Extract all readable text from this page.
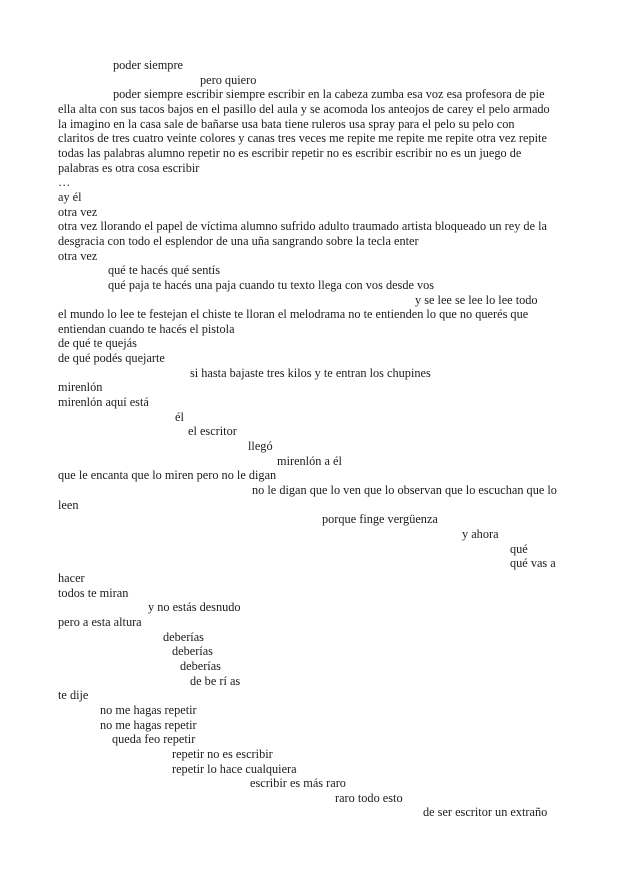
poder siempre
pero quiero
poder siempre escribir siempre escribir en la cabeza zumba esa voz esa profesora de pie
ella alta con sus tacos bajos en el pasillo del aula y se acomoda los anteojos de carey el pelo armado
la imagino en la casa sale de bañarse usa bata tiene ruleros usa spray para el pelo su pelo con
claritos de tres cuatro veinte colores y canas tres veces me repite me repite me repite otra vez repite
todas las palabras alumno repetir no es escribir repetir no es escribir escribir no es un juego de
palabras es otra cosa escribir
…
ay él
otra vez
otra vez llorando el papel de víctima alumno sufrido adulto traumado artista bloqueado un rey de la
desgracia con todo el esplendor de una uña sangrando sobre la tecla enter
otra vez
qué te hacés qué sentís
qué paja te hacés una paja cuando tu texto llega con vos desde vos
y se lee se lee lo lee todo
el mundo lo lee te festejan el chiste te lloran el melodrama no te entienden lo que no querés que
entiendan cuando te hacés el pistola
de qué te quejás
de qué podés quejarte
si hasta bajaste tres kilos y te entran los chupines
mirenlón
mirenlón aquí está
él
el escritor
llegó
mirenlón a él
que le encanta que lo miren pero no le digan
no le digan que lo ven que lo observan que lo escuchan que lo
leen
porque finge vergüenza
y ahora
qué
qué vas a
hacer
todos te miran
y no estás desnudo
pero a esta altura
deberías
deberías
deberías
de be rí as
te dije
no me hagas repetir
no me hagas repetir
queda feo repetir
repetir no es escribir
repetir lo hace cualquiera
escribir es más raro
raro todo esto
de ser escritor un extraño
